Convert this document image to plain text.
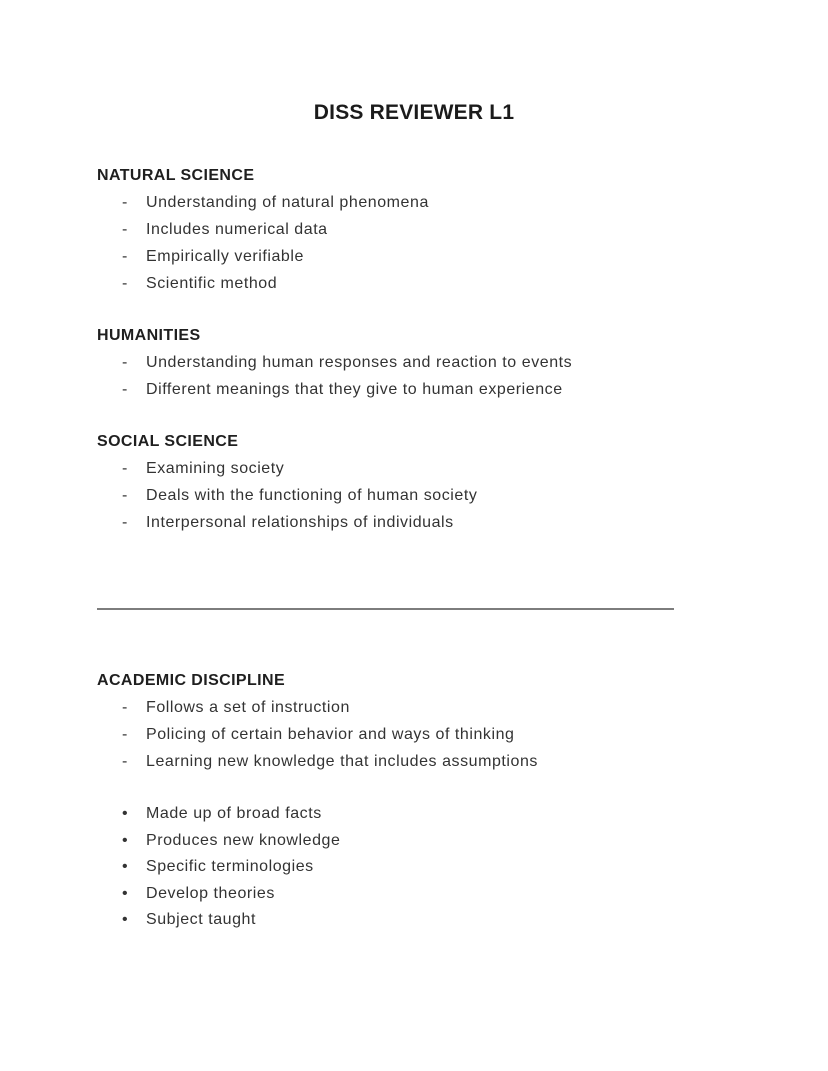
DISS REVIEWER L1
NATURAL SCIENCE
-	Understanding of natural phenomena
-	Includes numerical data
-	Empirically verifiable
-	Scientific method
HUMANITIES
-	Understanding human responses and reaction to events
-	Different meanings that they give to human experience
SOCIAL SCIENCE
-	Examining society
-	Deals with the functioning of human society
-	Interpersonal relationships of individuals
ACADEMIC DISCIPLINE
-	Follows a set of instruction
-	Policing of certain behavior and ways of thinking
-	Learning new knowledge that includes assumptions
•	Made up of broad facts
•	Produces new knowledge
•	Specific terminologies
•	Develop theories
•	Subject taught
